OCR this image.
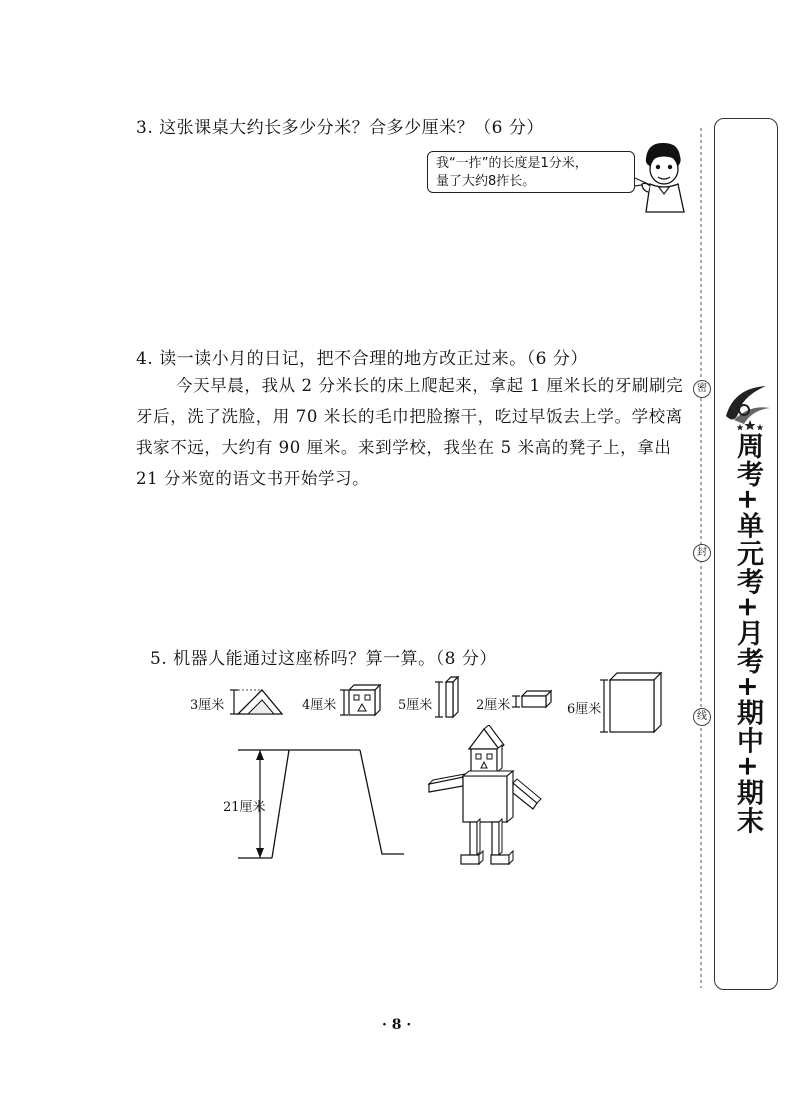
3. 这张课桌大约长多少分米？合多少厘米？（6 分）
我“一拃”的长度是1分米，
量了大约8拃长。
4. 读一读小月的日记，把不合理的地方改正过来。（6 分）
今天早晨，我从 2 分米长的床上爬起来，拿起 1 厘米长的牙刷刷完
牙后，洗了洗脸，用 70 米长的毛巾把脸擦干，吃过早饭去上学。学校离
我家不远，大约有 90 厘米。来到学校，我坐在 5 米高的凳子上，拿出
21 分米宽的语文书开始学习。
5. 机器人能通过这座桥吗？算一算。（8 分）
3厘米	4厘米	5厘米	2厘米	6厘米
21厘米
密
封
线 周考+单元考+月考+期中+期末
· 8 ·
